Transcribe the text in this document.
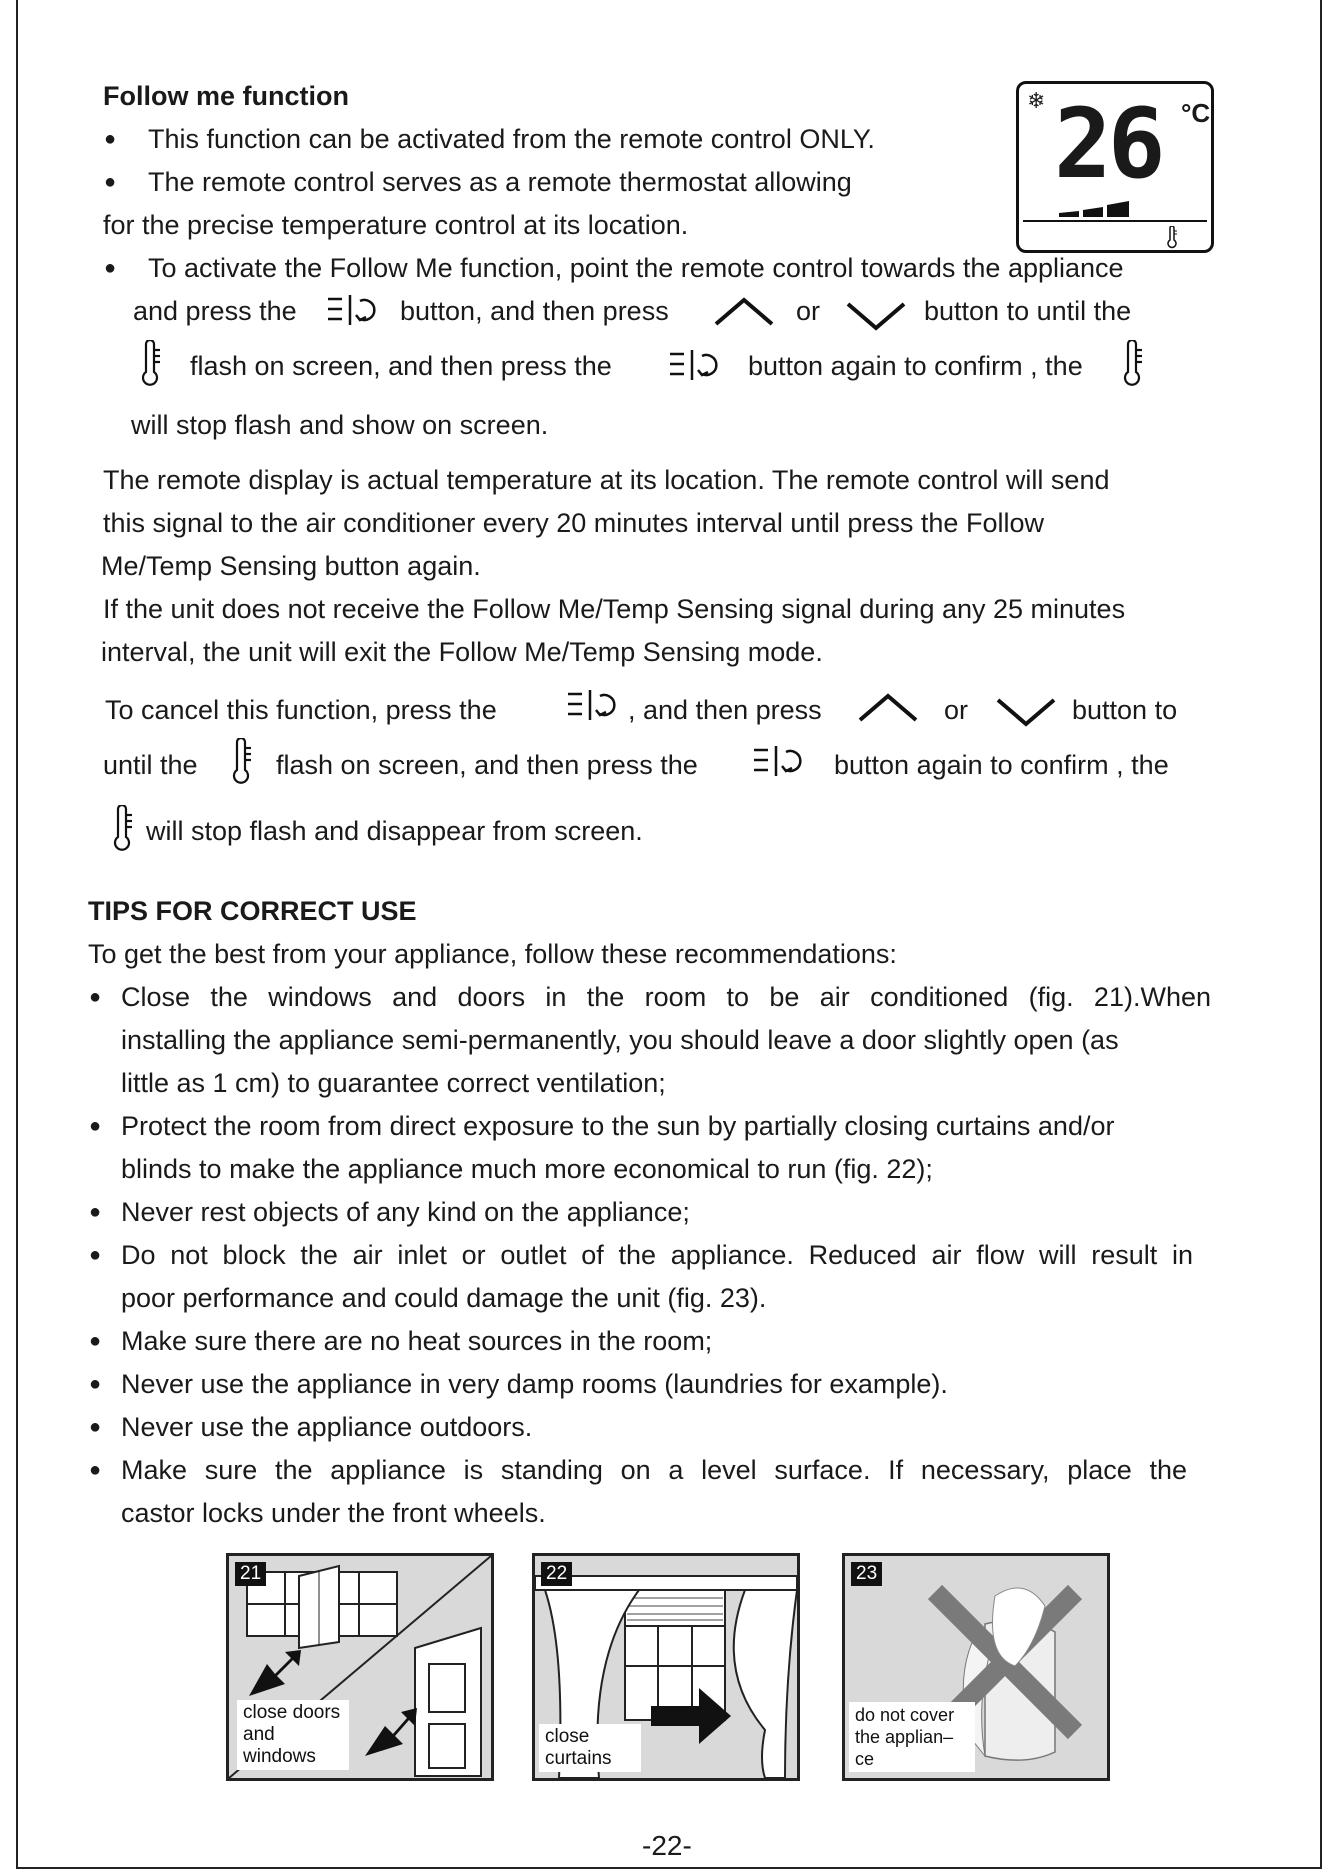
Follow me function
● This function can be activated from the remote control ONLY.
● The remote control serves as a remote thermostat allowing
for the precise temperature control at its location.
● To activate the Follow Me function, point the remote control towards the appliance
❄ 26 °C
and press the	button, and then press	or	button to until the
flash on screen, and then press the	button again to confirm , the
will stop flash and show on screen.
The remote display is actual temperature at its location. The remote control will send
this signal to the air conditioner every 20 minutes interval until press the Follow
Me/Temp Sensing button again.
If the unit does not receive the Follow Me/Temp Sensing signal during any 25 minutes
interval, the unit will exit the Follow Me/Temp Sensing mode.
To cancel this function, press the	, and then press	or	button to
until the	flash on screen, and then press the	button again to confirm , the
will stop flash and disappear from screen.
TIPS FOR CORRECT USE
To get the best from your appliance, follow these recommendations:
● Close the windows and doors in the room to be air conditioned (fig. 21).When
installing the appliance semi-permanently, you should leave a door slightly open (as
little as 1 cm) to guarantee correct ventilation;
● Protect the room from direct exposure to the sun by partially closing curtains and/or
blinds to make the appliance much more economical to run (fig. 22);
● Never rest objects of any kind on the appliance;
● Do not block the air inlet or outlet of the appliance. Reduced air flow will result in
poor performance and could damage the unit (fig. 23).
● Make sure there are no heat sources in the room;
● Never use the appliance in very damp rooms (laundries for example).
● Never use the appliance outdoors.
● Make sure the appliance is standing on a level surface. If necessary, place the
castor locks under the front wheels.
21
close doors and windows
22
close curtains
23
do not cover the applian– ce
-22-
